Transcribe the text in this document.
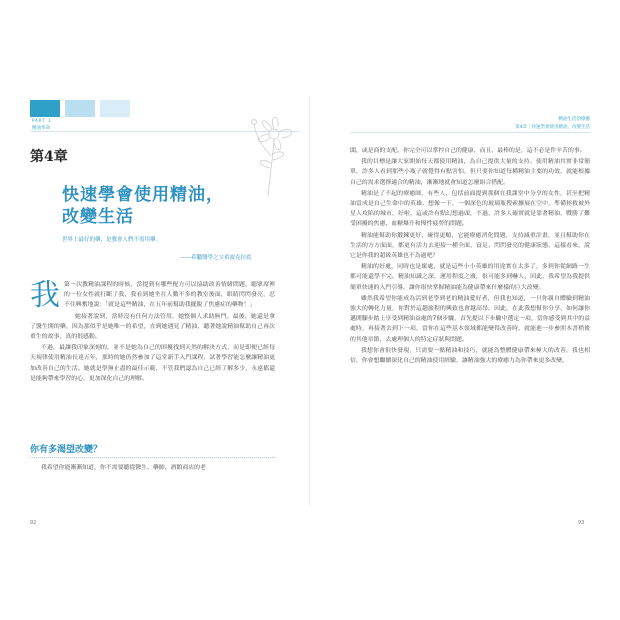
PART 1
精油革命
第4章
快速學會使用精油，
改變生活
世界上最好的藥，是教會人們不需用藥。
——希臘醫學之父希波克拉底

我第一次教精油課程的時候，當提到有哪些配方可以協助改善情緒問題，聽眾席裡的一位女性就打斷了我，我看到她坐在人數不多的教室後面，眼睛閃閃發亮，忍不住興奮地說：「就是這些精油，在五年前幫助我擺脫了焦慮症的藥物！」

她接著說到，當時沒有任何方法管用，她整個人求助無門。最後，她還是拿了醫生開的藥，因為那似乎是她唯一的希望，直到她遇見了精油，聽著她說精油幫助自己再次重生的故事，真的很感動。

不過，最讓我印象深刻的，並不是她為自己的困擾找到天然的解決方式，而是即便已經每天規律使用精油長達五年，那時的她仍然參加了這堂新手入門課程，試著學習能怎麼讓精油更加改善自己的生活。她就是學無止盡的最佳示範，不管我們認為自己已經了解多少，永遠都還是能夠帶來學習的心，更加深化自己的理解。

你有多渴望改變？

我希望你能漸漸知道，你不需要聽從醫生、藥師、酒館商店的老

92
精油生活的療癒
第4章｜快速學會使用精油，改變生活

闆，或是商的支配。你完全可以掌控自己的健康，而且，最棒的是，這不必是件辛苦的事。

我的目標是讓大家開始每天都使用精油，為自己提供大量的支持。使用精油其實非常簡單，許多人看到那些小瓶子就覺得有點害怕，但只要你知道每種精油主要的功效，就能根據自己的需求選擇適合的精油，漸漸地就會知道怎麼組合搭配。

精油是了不起的療癒師，有些人，包括前面提到那個在我課堂中分享的女性，甚至把精油當成是自己生命中的英雄。想像一下，一個深色的玻璃瓶搜索擴展在空中，準備拯救被外星人攻陷的城市，好啦，這或許有點幻想過頭，不過，許多人確實就是靠著精油，戰勝了難受困擾的焦慮、血糖爆升和慢性疲勞的問題。

精油能幫助你鍛鍊更好，碰得更順，它能療癒消化問題，支持減重計畫，並且幫助你在生活的方方面面，都更有活力去迎接一種全面、富足、閃閃發亮的健康狀態，這樣看來，說它是你我的超級英雄也不為過吧？

精油的好處，同時也是壞處，就是這些小小英雄的用途實在太多了，多到你從網路一生都可能還學不完。精油知識之深，運用程度之廣，很可能多到嚇人，因此，我希望為我提供簡單快速的入門引導，讓你很快掌握精油能為健康帶來什麼樣的巨大改變。

雖然我希望你能成為活到老學到老的精油愛好者，但我也知道，一旦你親自體驗到精油強大的轉化力量，你對於這趟旅程的興致也會越高昂。因此，在此我想幫你分享，如何讓你邁開腳步踏上享受到精油益處的7個步驟，首先提以下步驟中選定一項，當你感受到其中的益處時，再接著去到下一項，當你在這些基本領域都能變得改善時，就能進一步參照本書稍後的其他章節，去處理個人的特定症狀與問題。

我想你會很快發現，只需要一點精油和技巧，就能為整體健康帶來極大的改善，我也相信，你會想繼續深化自己的精油使用經驗，讓精油強大的療癒力為你帶來更多改變。

93
